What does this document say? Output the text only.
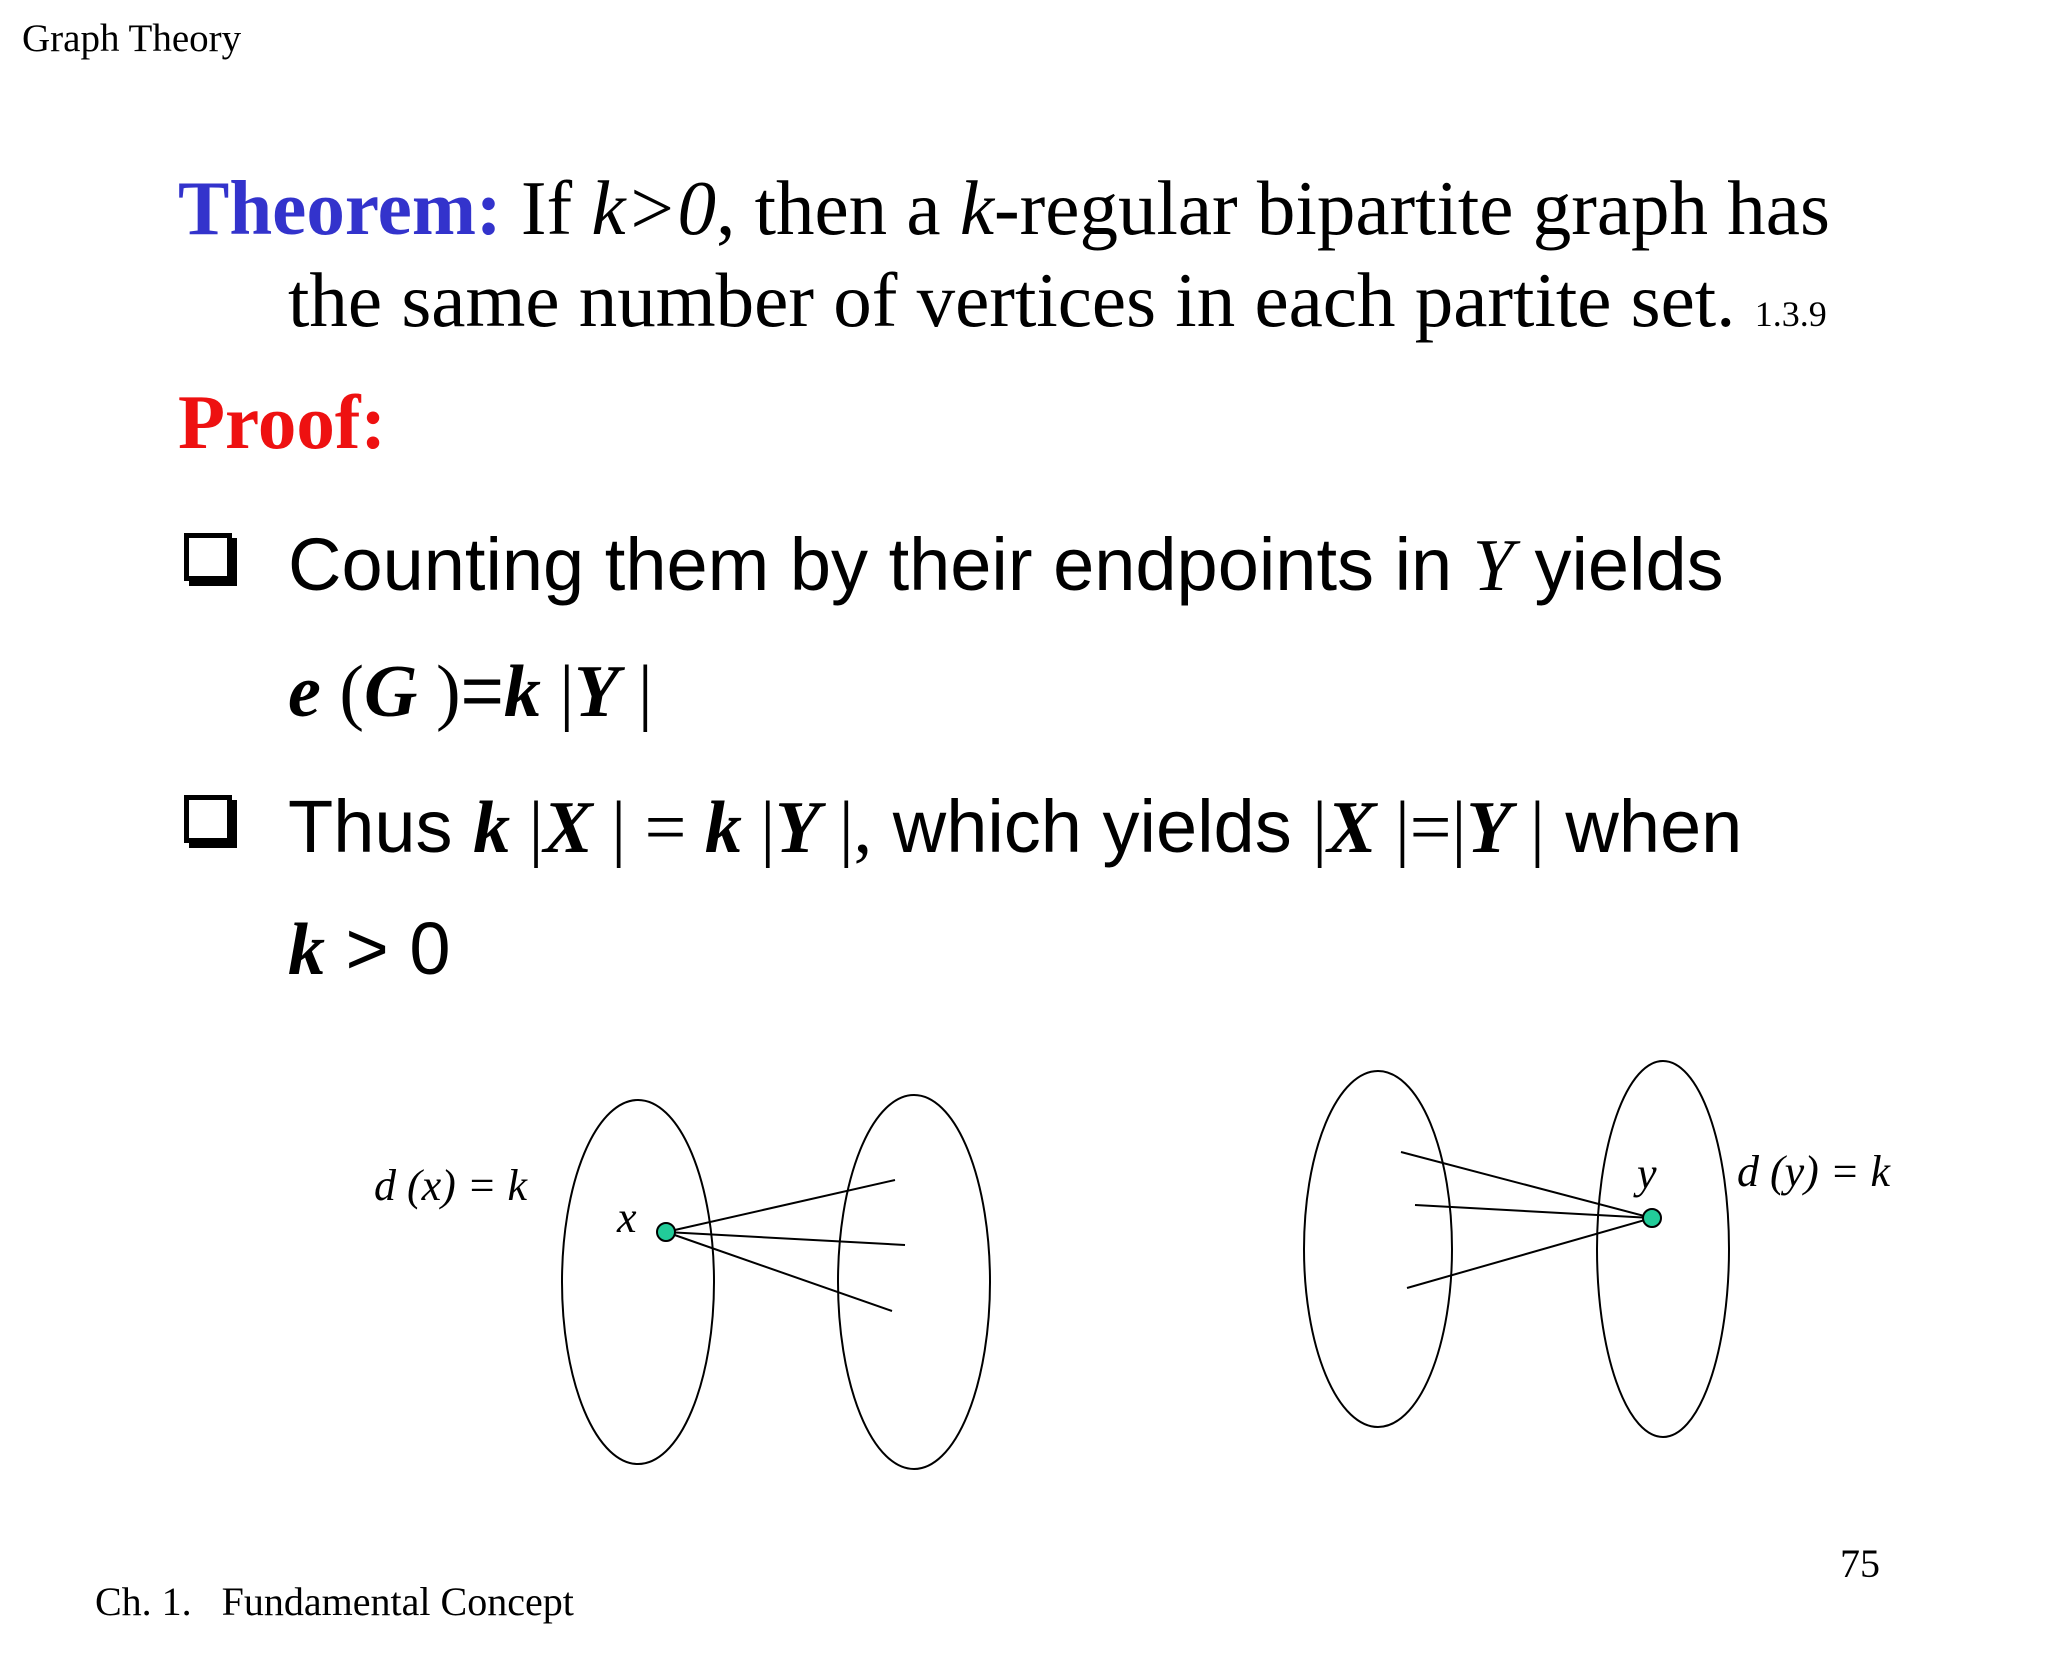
Graph Theory
Theorem: If k>0, then a k-regular bipartite graph has
the same number of vertices in each partite set. 1.3.9
Proof:
Counting them by their endpoints in Y yields
e (G )=k |Y |
Thus k |X | = k |Y |, which yields |X |=|Y | when
k > 0
d (x) = k
x
d (y) = k
y
75
Ch. 1.   Fundamental Concept
